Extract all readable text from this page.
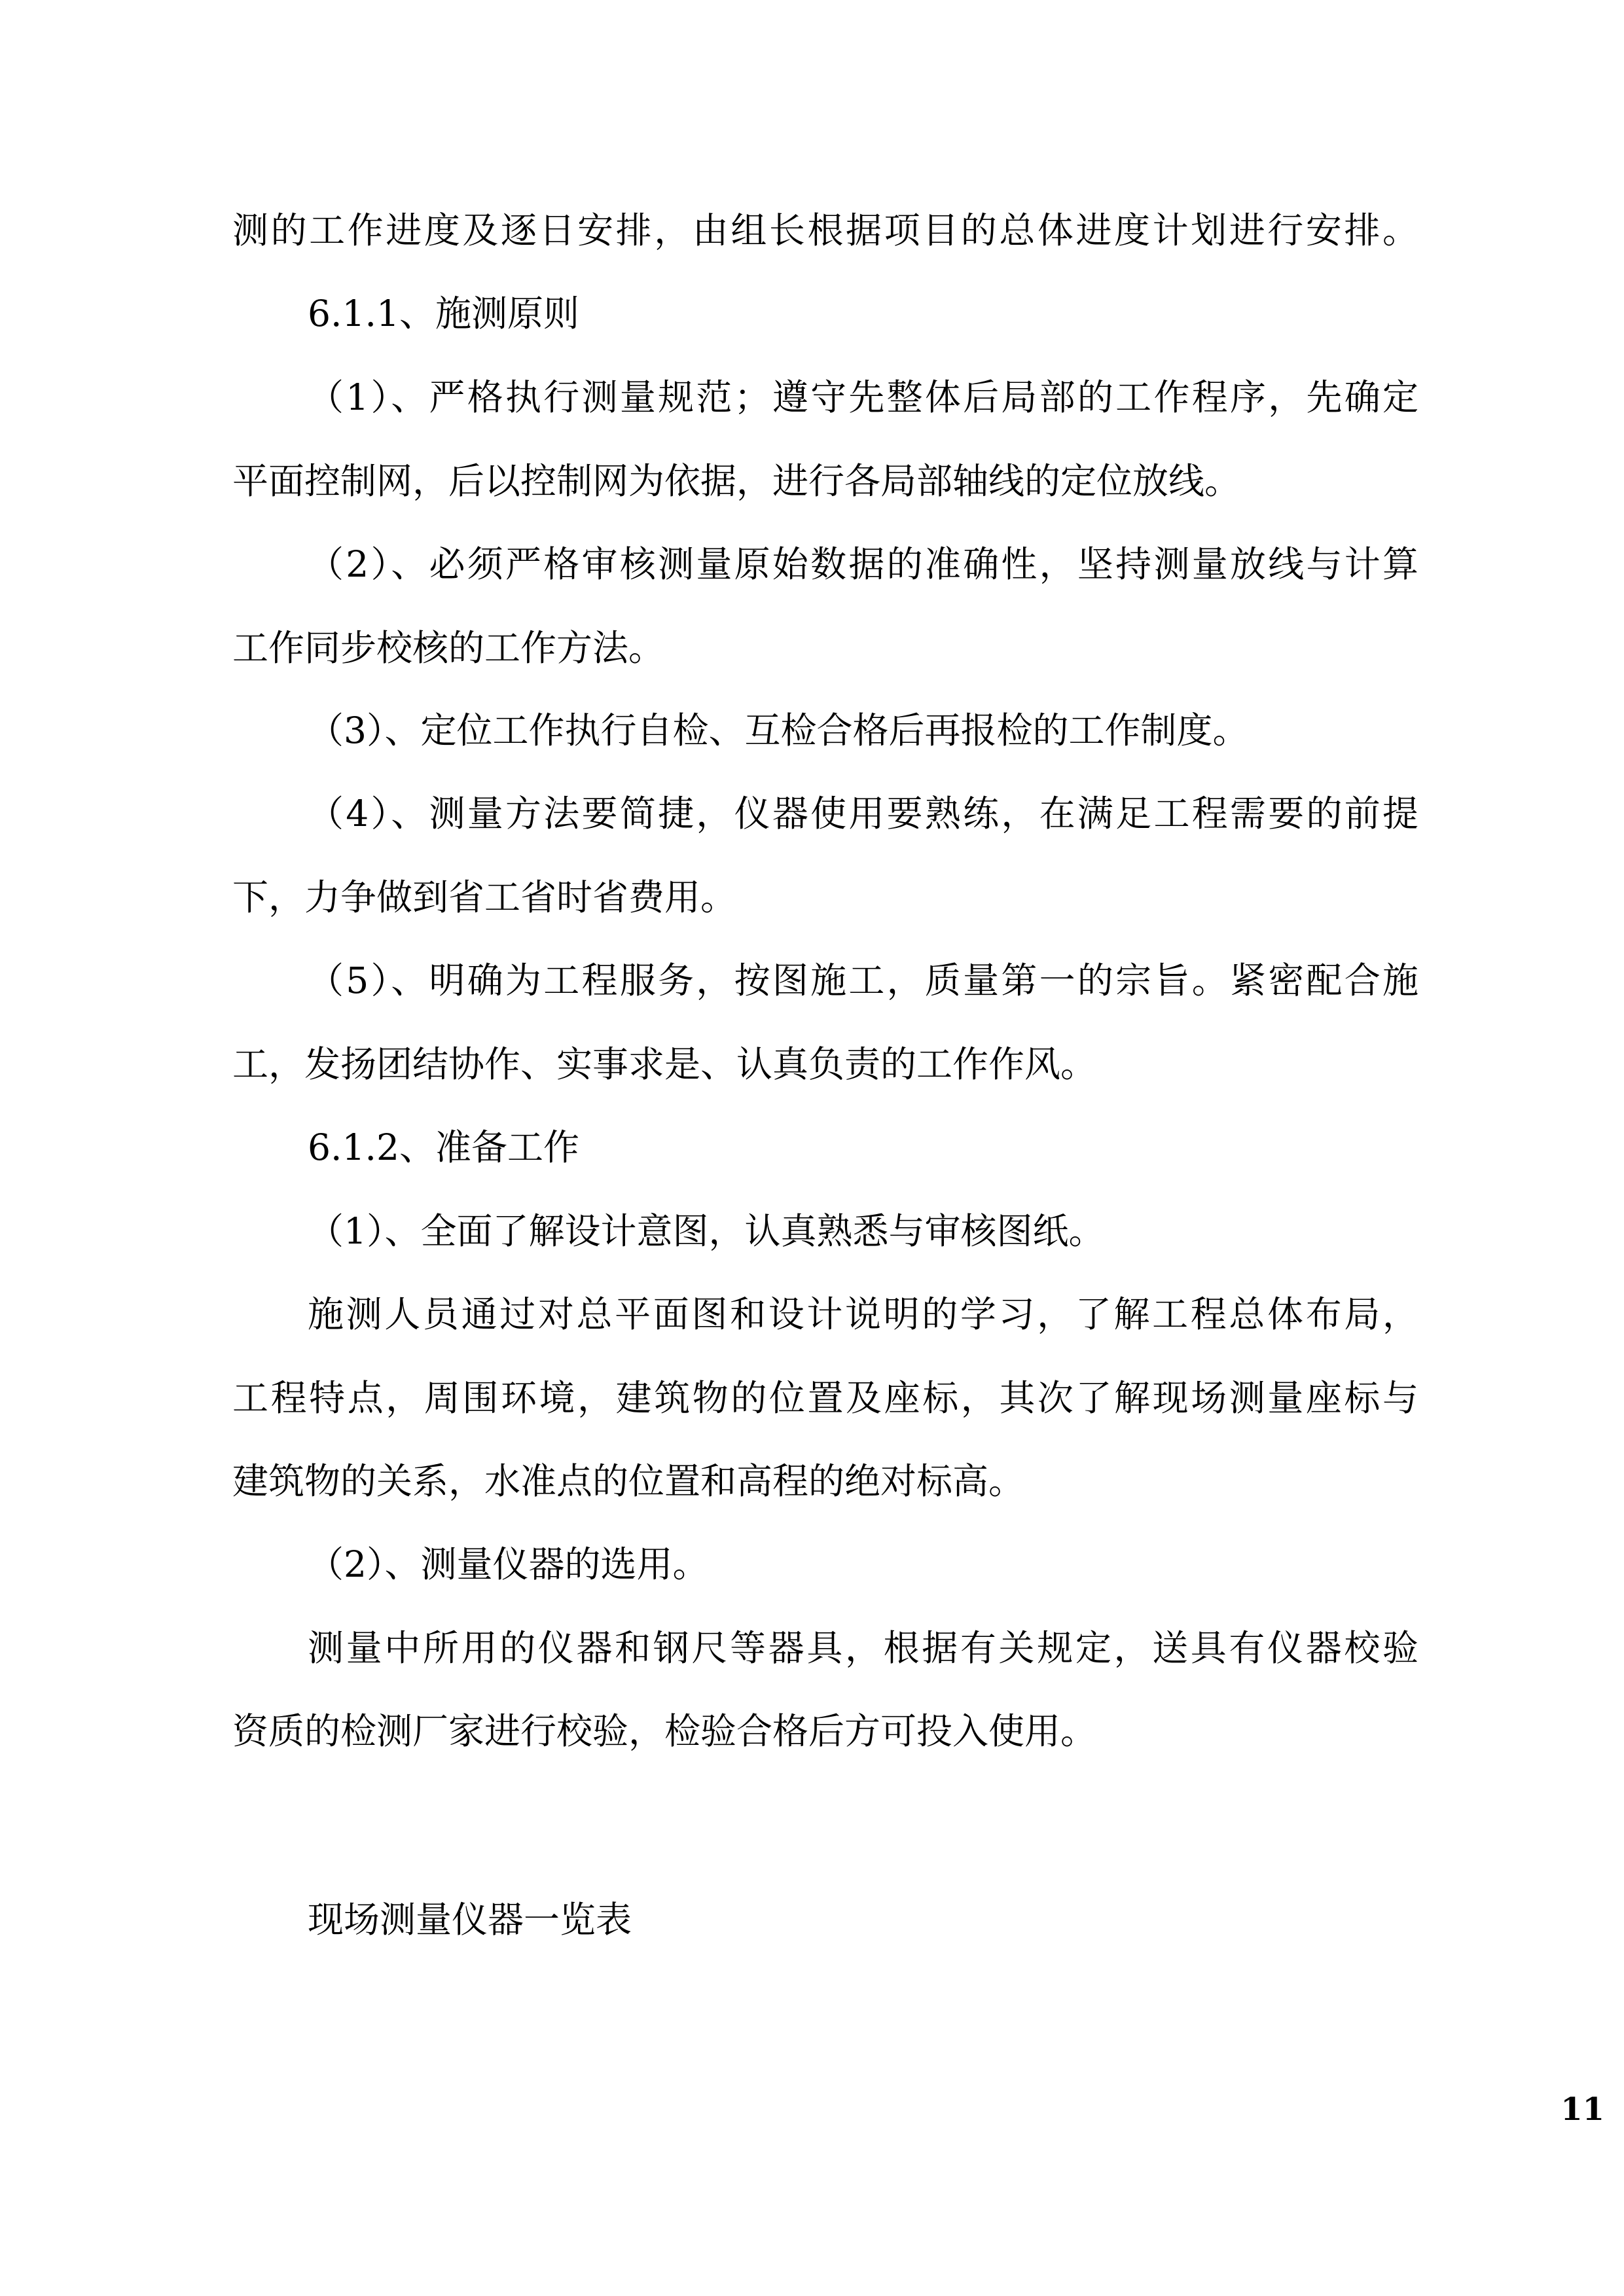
测的工作进度及逐日安排，由组长根据项目的总体进度计划进行安排。
6.1.1、施测原则
（1）、严格执行测量规范；遵守先整体后局部的工作程序，先确定
平面控制网，后以控制网为依据，进行各局部轴线的定位放线。
（2）、必须严格审核测量原始数据的准确性，坚持测量放线与计算
工作同步校核的工作方法。
（3）、定位工作执行自检、互检合格后再报检的工作制度。
（4）、测量方法要简捷，仪器使用要熟练，在满足工程需要的前提
下，力争做到省工省时省费用。
（5）、明确为工程服务，按图施工，质量第一的宗旨。紧密配合施
工，发扬团结协作、实事求是、认真负责的工作作风。
6.1.2、准备工作
（1）、全面了解设计意图，认真熟悉与审核图纸。
施测人员通过对总平面图和设计说明的学习，了解工程总体布局，
工程特点，周围环境，建筑物的位置及座标，其次了解现场测量座标与
建筑物的关系，水准点的位置和高程的绝对标高。
（2）、测量仪器的选用。
测量中所用的仪器和钢尺等器具，根据有关规定，送具有仪器校验
资质的检测厂家进行校验，检验合格后方可投入使用。
现场测量仪器一览表
11
